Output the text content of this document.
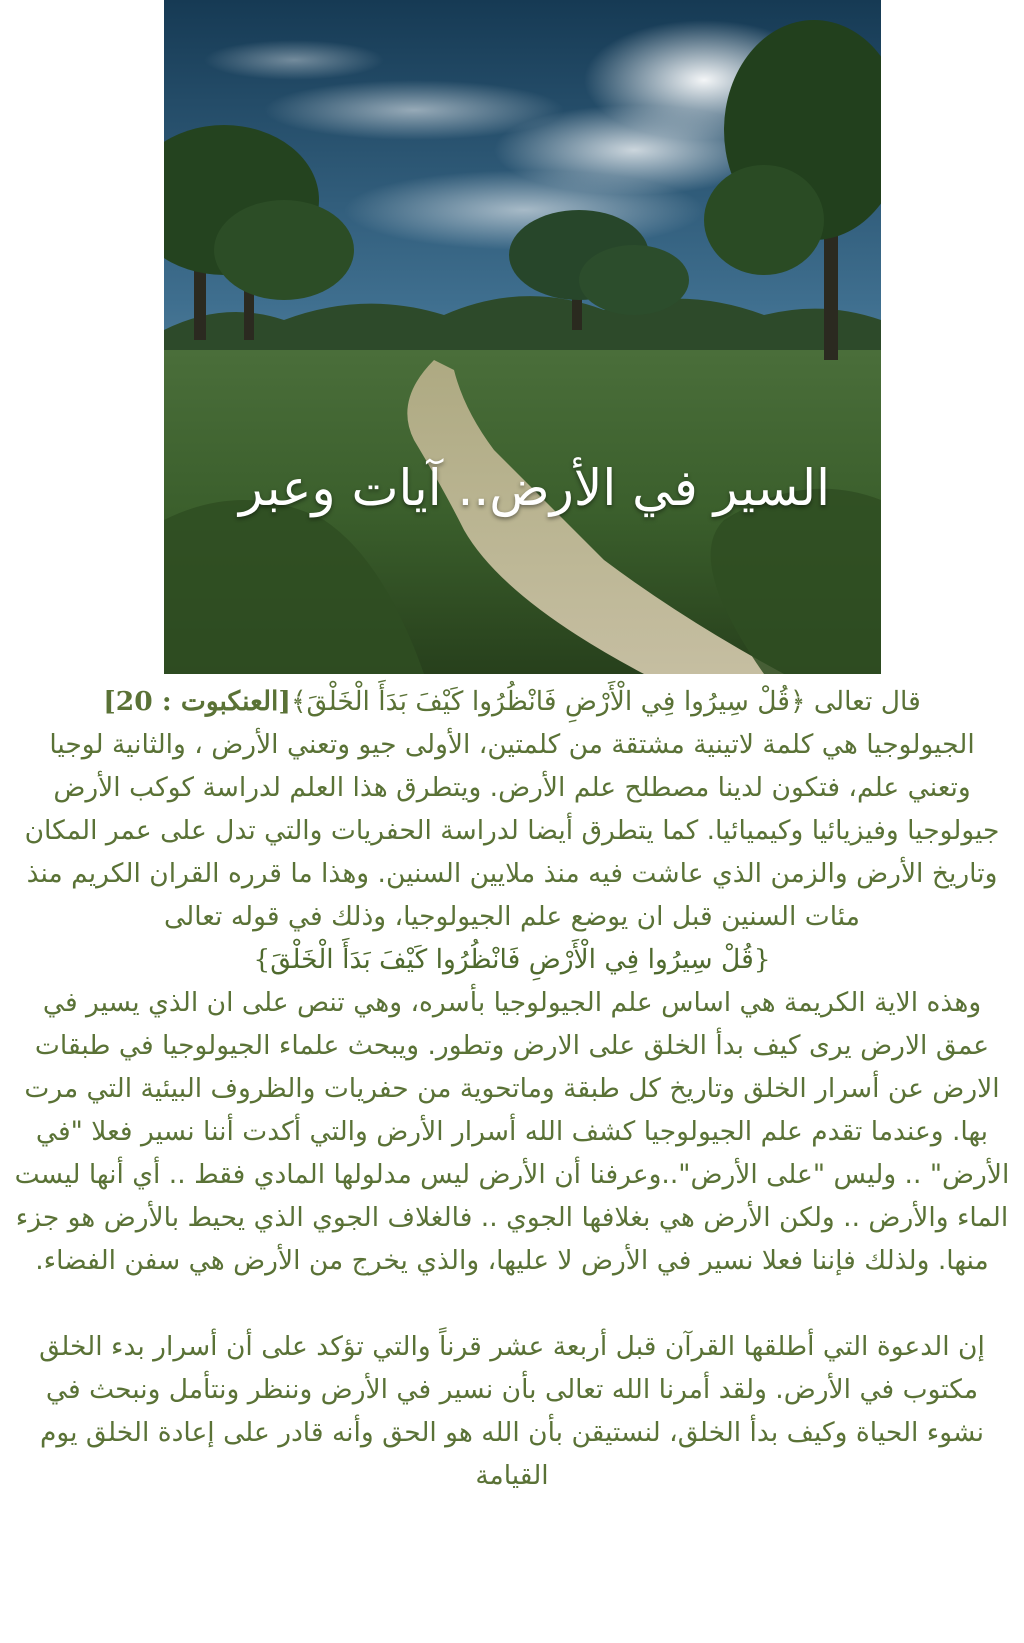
السير في الأرض.. آيات وعبر

قال تعالى ﴿قُلْ سِيرُوا فِي الْأَرْضِ فَانْظُرُوا كَيْفَ بَدَأَ الْخَلْقَ﴾[العنكبوت : 20]

الجيولوجيا هي كلمة لاتينية مشتقة من كلمتين، الأولى جيو وتعني الأرض ، والثانية لوجيا وتعني علم، فتكون لدينا مصطلح علم الأرض. ويتطرق هذا العلم لدراسة كوكب الأرض جيولوجيا وفيزيائيا وكيميائيا. كما يتطرق أيضا لدراسة الحفريات والتي تدل على عمر المكان وتاريخ الأرض والزمن الذي عاشت فيه منذ ملايين السنين. وهذا ما قرره القران الكريم منذ مئات السنين قبل ان يوضع علم الجيولوجيا، وذلك في قوله تعالى

{قُلْ سِيرُوا فِي الْأَرْضِ فَانْظُرُوا كَيْفَ بَدَأَ الْخَلْقَ}

وهذه الاية الكريمة هي اساس علم الجيولوجيا بأسره، وهي تنص على ان الذي يسير في عمق الارض يرى كيف بدأ الخلق على الارض وتطور. ويبحث علماء الجيولوجيا في طبقات الارض عن أسرار الخلق وتاريخ كل طبقة وماتحوية من حفريات والظروف البيئية التي مرت بها. وعندما تقدم علم الجيولوجيا كشف الله أسرار الأرض والتي أكدت أننا نسير فعلا "في الأرض" .. وليس "على الأرض"..وعرفنا أن الأرض ليس مدلولها المادي فقط .. أي أنها ليست الماء والأرض .. ولكن الأرض هي بغلافها الجوي .. فالغلاف الجوي الذي يحيط بالأرض هو جزء منها. ولذلك فإننا فعلا نسير في الأرض لا عليها، والذي يخرج من الأرض هي سفن الفضاء.

إن الدعوة التي أطلقها القرآن قبل أربعة عشر قرناً والتي تؤكد على أن أسرار بدء الخلق مكتوب في الأرض. ولقد أمرنا الله تعالى بأن نسير في الأرض وننظر ونتأمل ونبحث في نشوء الحياة وكيف بدأ الخلق، لنستيقن بأن الله هو الحق وأنه قادر على إعادة الخلق يوم القيامة
